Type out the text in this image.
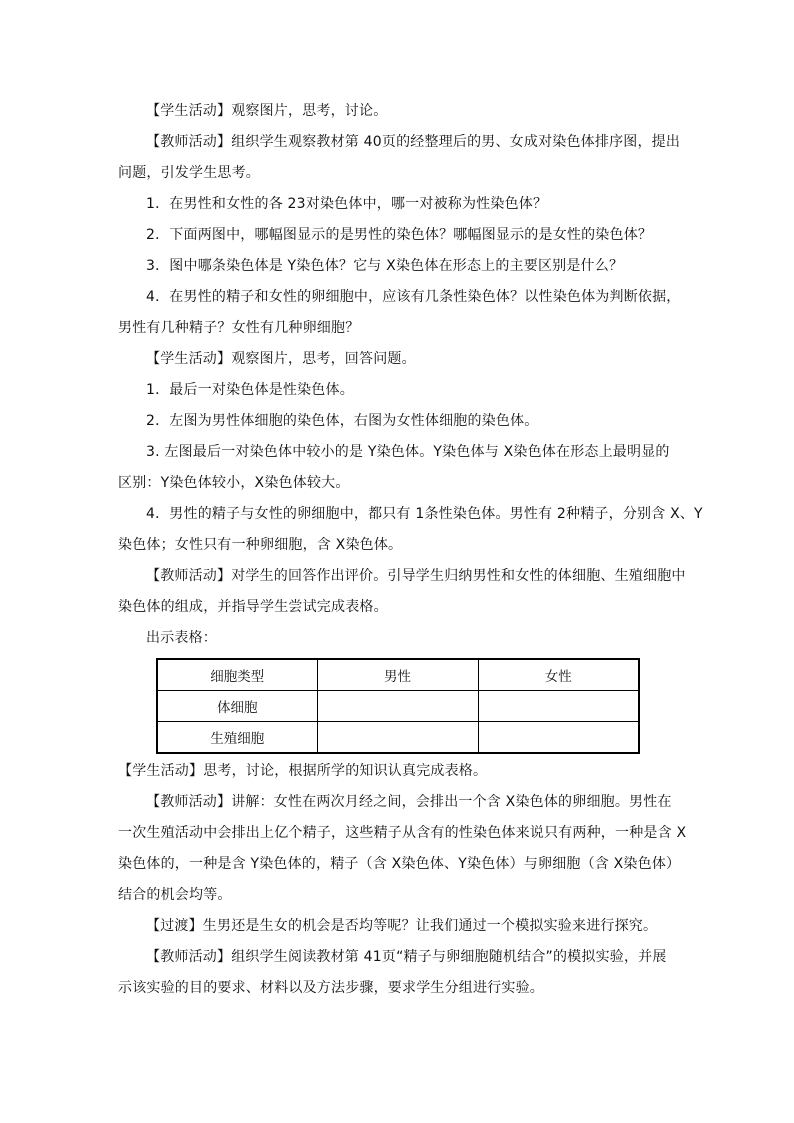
【学生活动】观察图片，思考，讨论。
【教师活动】组织学生观察教材第 40页的经整理后的男、女成对染色体排序图，提出
问题，引发学生思考。
1．在男性和女性的各 23对染色体中，哪一对被称为性染色体？
2．下面两图中，哪幅图显示的是男性的染色体？哪幅图显示的是女性的染色体？
3．图中哪条染色体是 Y染色体？它与 X染色体在形态上的主要区别是什么？
4．在男性的精子和女性的卵细胞中，应该有几条性染色体？以性染色体为判断依据，
男性有几种精子？女性有几种卵细胞？
【学生活动】观察图片，思考，回答问题。
1．最后一对染色体是性染色体。
2．左图为男性体细胞的染色体，右图为女性体细胞的染色体。
3. 左图最后一对染色体中较小的是 Y染色体。Y染色体与 X染色体在形态上最明显的
区别：Y染色体较小，X染色体较大。
4．男性的精子与女性的卵细胞中，都只有 1条性染色体。男性有 2种精子，分别含 X、Y
染色体；女性只有一种卵细胞，含 X染色体。
【教师活动】对学生的回答作出评价。引导学生归纳男性和女性的体细胞、生殖细胞中
染色体的组成，并指导学生尝试完成表格。
出示表格：
细胞类型	男性	女性
体细胞		
生殖细胞		
【学生活动】思考，讨论，根据所学的知识认真完成表格。
【教师活动】讲解：女性在两次月经之间，会排出一个含 X染色体的卵细胞。男性在
一次生殖活动中会排出上亿个精子，这些精子从含有的性染色体来说只有两种，一种是含 X
染色体的，一种是含 Y染色体的，精子（含 X染色体、Y染色体）与卵细胞（含 X染色体）
结合的机会均等。
【过渡】生男还是生女的机会是否均等呢？让我们通过一个模拟实验来进行探究。
【教师活动】组织学生阅读教材第 41页“精子与卵细胞随机结合”的模拟实验，并展
示该实验的目的要求、材料以及方法步骤，要求学生分组进行实验。
